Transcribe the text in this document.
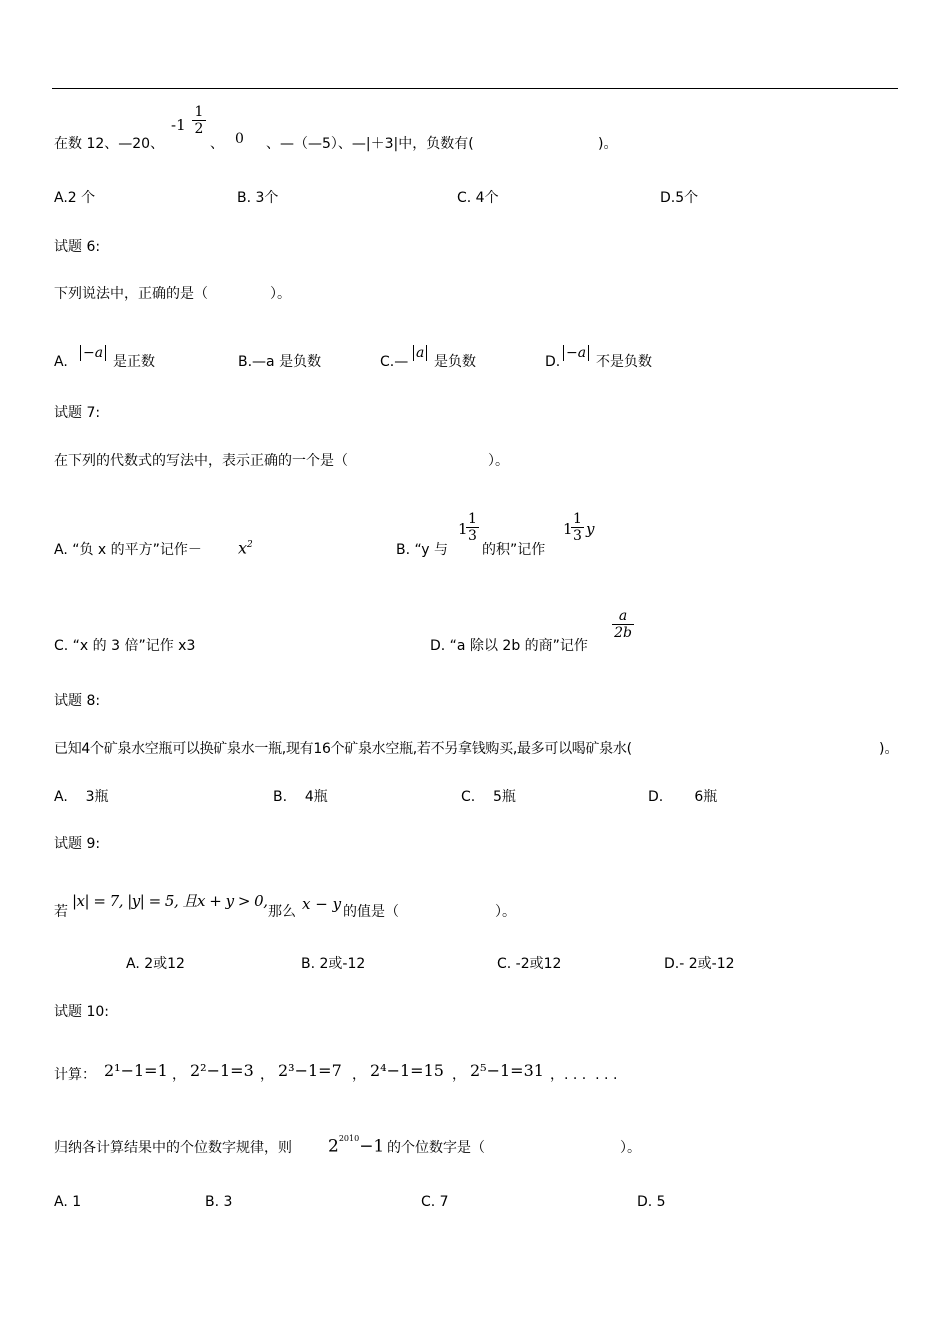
在数 12、—20、
-1
1
2
、 0 、—（—5）、—|＋3|中，负数有(	)。
A.2 个	B. 3个	C. 4个	D.5个
试题 6:
下列说法中，正确的是（	）。
A.
−a
是正数	B.—a 是负数	C.—
a
是负数	D.
−a
不是负数
试题 7:
在下列的代数式的写法中，表示正确的一个是（	）。
A. “负 x 的平方”记作－ $x^2$	B. “y 与
1
1
3
的积”记作
1
1
3 y
C. “x 的 3 倍”记作 x3	D. “a 除以 2b 的商”记作
a
2b
试题 8:
已知4个矿泉水空瓶可以换矿泉水一瓶,现有16个矿泉水空瓶,若不另拿钱购买,最多可以喝矿泉水(	)。
A.    3瓶	B.    4瓶	C.    5瓶	D.       6瓶
试题 9:
若
|x| = 7, |y| = 5, 且x + y > 0,
那么 x − y 的值是（	）。
A. 2或12	B. 2或-12	C. -2或12	D.- 2或-12
试题 10:
计算： 2¹−1=1 ， 2²−1=3 ， 2³−1=7 ， 2⁴−1=15 ， 2⁵−1=31 ，. . .  . . .
归纳各计算结果中的个位数字规律，则 $2^{2010}-1$ 的个位数字是（	）。
A. 1	B. 3	C. 7	D. 5
